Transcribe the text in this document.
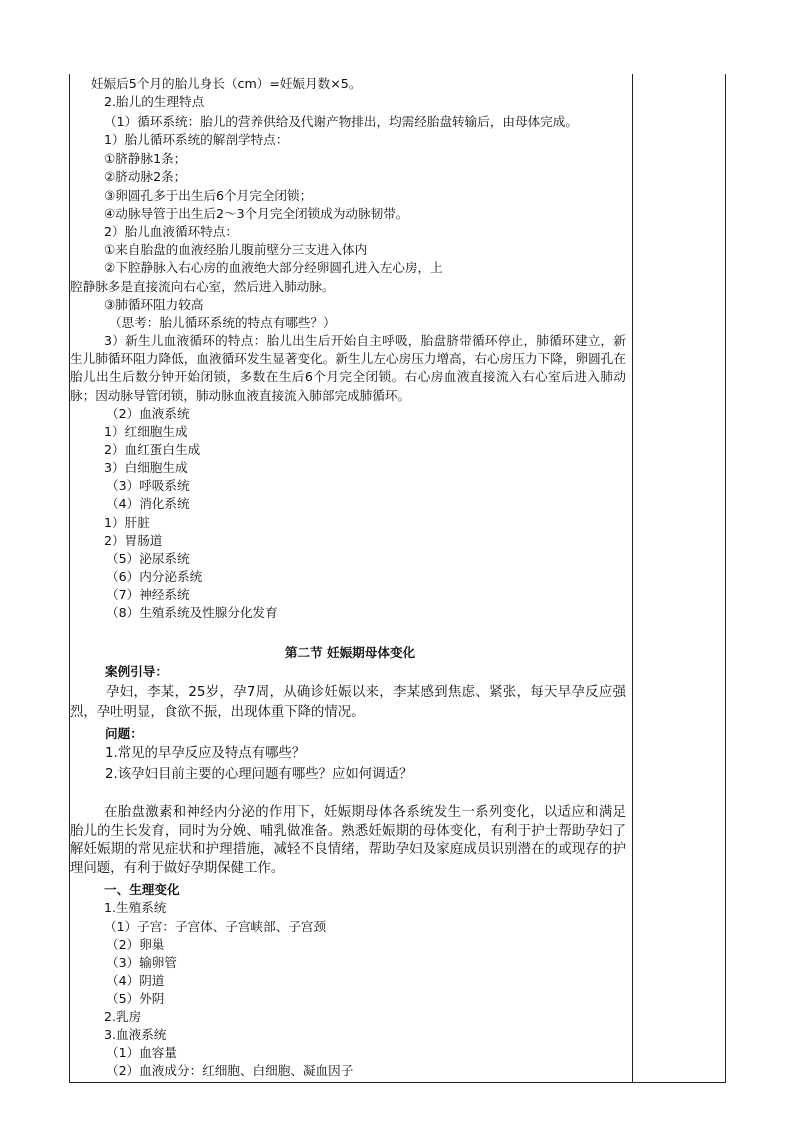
妊娠后5个月的胎儿身长（cm）=妊娠月数×5。
2.胎儿的生理特点
（1）循环系统：胎儿的营养供给及代谢产物排出，均需经胎盘转输后，由母体完成。
1）胎儿循环系统的解剖学特点：
①脐静脉1条；
②脐动脉2条；
③卵圆孔多于出生后6个月完全闭锁；
④动脉导管于出生后2～3个月完全闭锁成为动脉韧带。
2）胎儿血液循环特点：
①来自胎盘的血液经胎儿腹前壁分三支进入体内
②下腔静脉入右心房的血液绝大部分经卵圆孔进入左心房，上
腔静脉多是直接流向右心室，然后进入肺动脉。
③肺循环阻力较高
（思考：胎儿循环系统的特点有哪些？）
3）新生儿血液循环的特点：胎儿出生后开始自主呼吸，胎盘脐带循环停止，肺循环建立，新生儿肺循环阻力降低，血液循环发生显著变化。新生儿左心房压力增高，右心房压力下降，卵圆孔在胎儿出生后数分钟开始闭锁，多数在生后6个月完全闭锁。右心房血液直接流入右心室后进入肺动脉；因动脉导管闭锁，肺动脉血液直接流入肺部完成肺循环。
（2）血液系统
1）红细胞生成
2）血红蛋白生成
3）白细胞生成
（3）呼吸系统
（4）消化系统
1）肝脏
2）胃肠道
（5）泌尿系统
（6）内分泌系统
（7）神经系统
（8）生殖系统及性腺分化发育
第二节 妊娠期母体变化
案例引导：
孕妇，李某，25岁，孕7周，从确诊妊娠以来，李某感到焦虑、紧张，每天早孕反应强烈，孕吐明显，食欲不振，出现体重下降的情况。
问题：
1.常见的早孕反应及特点有哪些？
2.该孕妇目前主要的心理问题有哪些？应如何调适？
在胎盘激素和神经内分泌的作用下，妊娠期母体各系统发生一系列变化，以适应和满足胎儿的生长发育，同时为分娩、哺乳做准备。熟悉妊娠期的母体变化，有利于护士帮助孕妇了解妊娠期的常见症状和护理措施，减轻不良情绪，帮助孕妇及家庭成员识别潜在的或现存的护理问题，有利于做好孕期保健工作。
一、生理变化
1.生殖系统
（1）子宫：子宫体、子宫峡部、子宫颈
（2）卵巢
（3）输卵管
（4）阴道
（5）外阴
2.乳房
3.血液系统
（1）血容量
（2）血液成分：红细胞、白细胞、凝血因子
